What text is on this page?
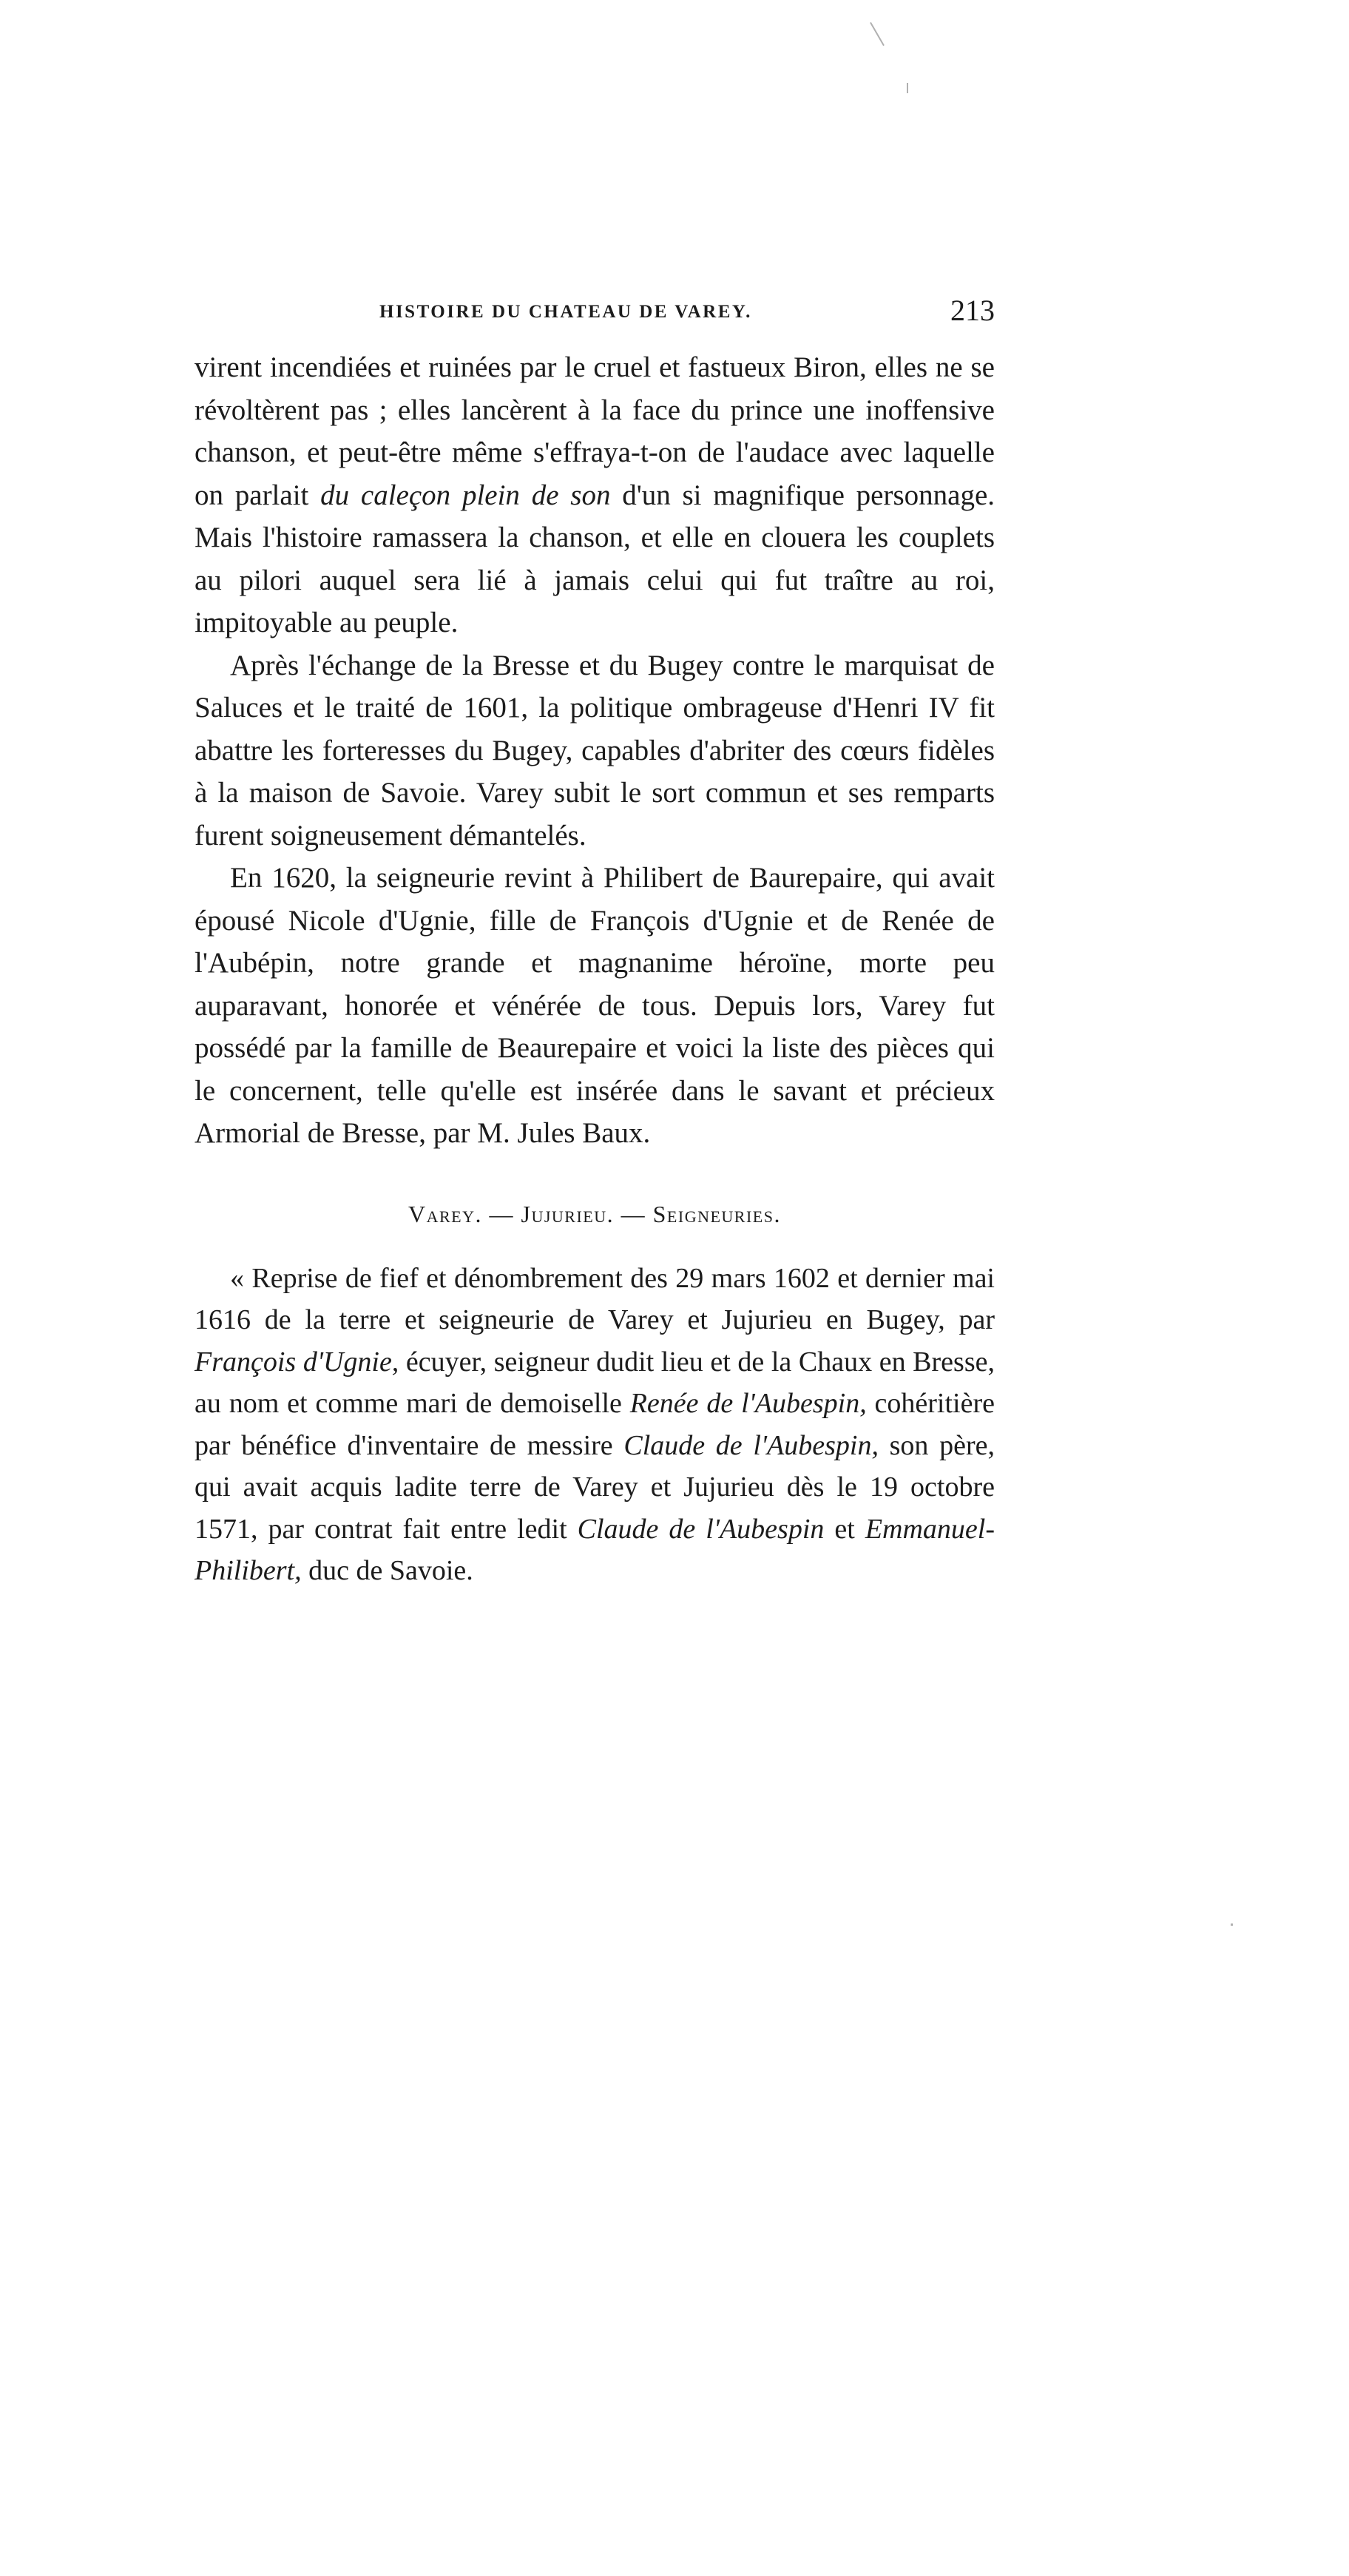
HISTOIRE DU CHATEAU DE VAREY.	213

virent incendiées et ruinées par le cruel et fastueux Biron, elles ne se révoltèrent pas ; elles lancèrent à la face du prince une inoffensive chanson, et peut-être même s'effraya-t-on de l'audace avec laquelle on parlait du caleçon plein de son d'un si magnifique personnage. Mais l'histoire ramassera la chanson, et elle en clouera les couplets au pilori auquel sera lié à jamais celui qui fut traître au roi, impitoyable au peuple.

Après l'échange de la Bresse et du Bugey contre le marquisat de Saluces et le traité de 1601, la politique ombrageuse d'Henri IV fit abattre les forteresses du Bugey, capables d'abriter des cœurs fidèles à la maison de Savoie. Varey subit le sort commun et ses remparts furent soigneusement démantelés.

En 1620, la seigneurie revint à Philibert de Baurepaire, qui avait épousé Nicole d'Ugnie, fille de François d'Ugnie et de Renée de l'Aubépin, notre grande et magnanime héroïne, morte peu auparavant, honorée et vénérée de tous. Depuis lors, Varey fut possédé par la famille de Beaurepaire et voici la liste des pièces qui le concernent, telle qu'elle est insérée dans le savant et précieux Armorial de Bresse, par M. Jules Baux.

Varey. — Jujurieu. — Seigneuries.

« Reprise de fief et dénombrement des 29 mars 1602 et dernier mai 1616 de la terre et seigneurie de Varey et Jujurieu en Bugey, par François d'Ugnie, écuyer, seigneur dudit lieu et de la Chaux en Bresse, au nom et comme mari de demoiselle Renée de l'Aubespin, cohéritière par bénéfice d'inventaire de messire Claude de l'Aubespin, son père, qui avait acquis ladite terre de Varey et Jujurieu dès le 19 octobre 1571, par contrat fait entre ledit Claude de l'Aubespin et Emmanuel-Philibert, duc de Savoie.
